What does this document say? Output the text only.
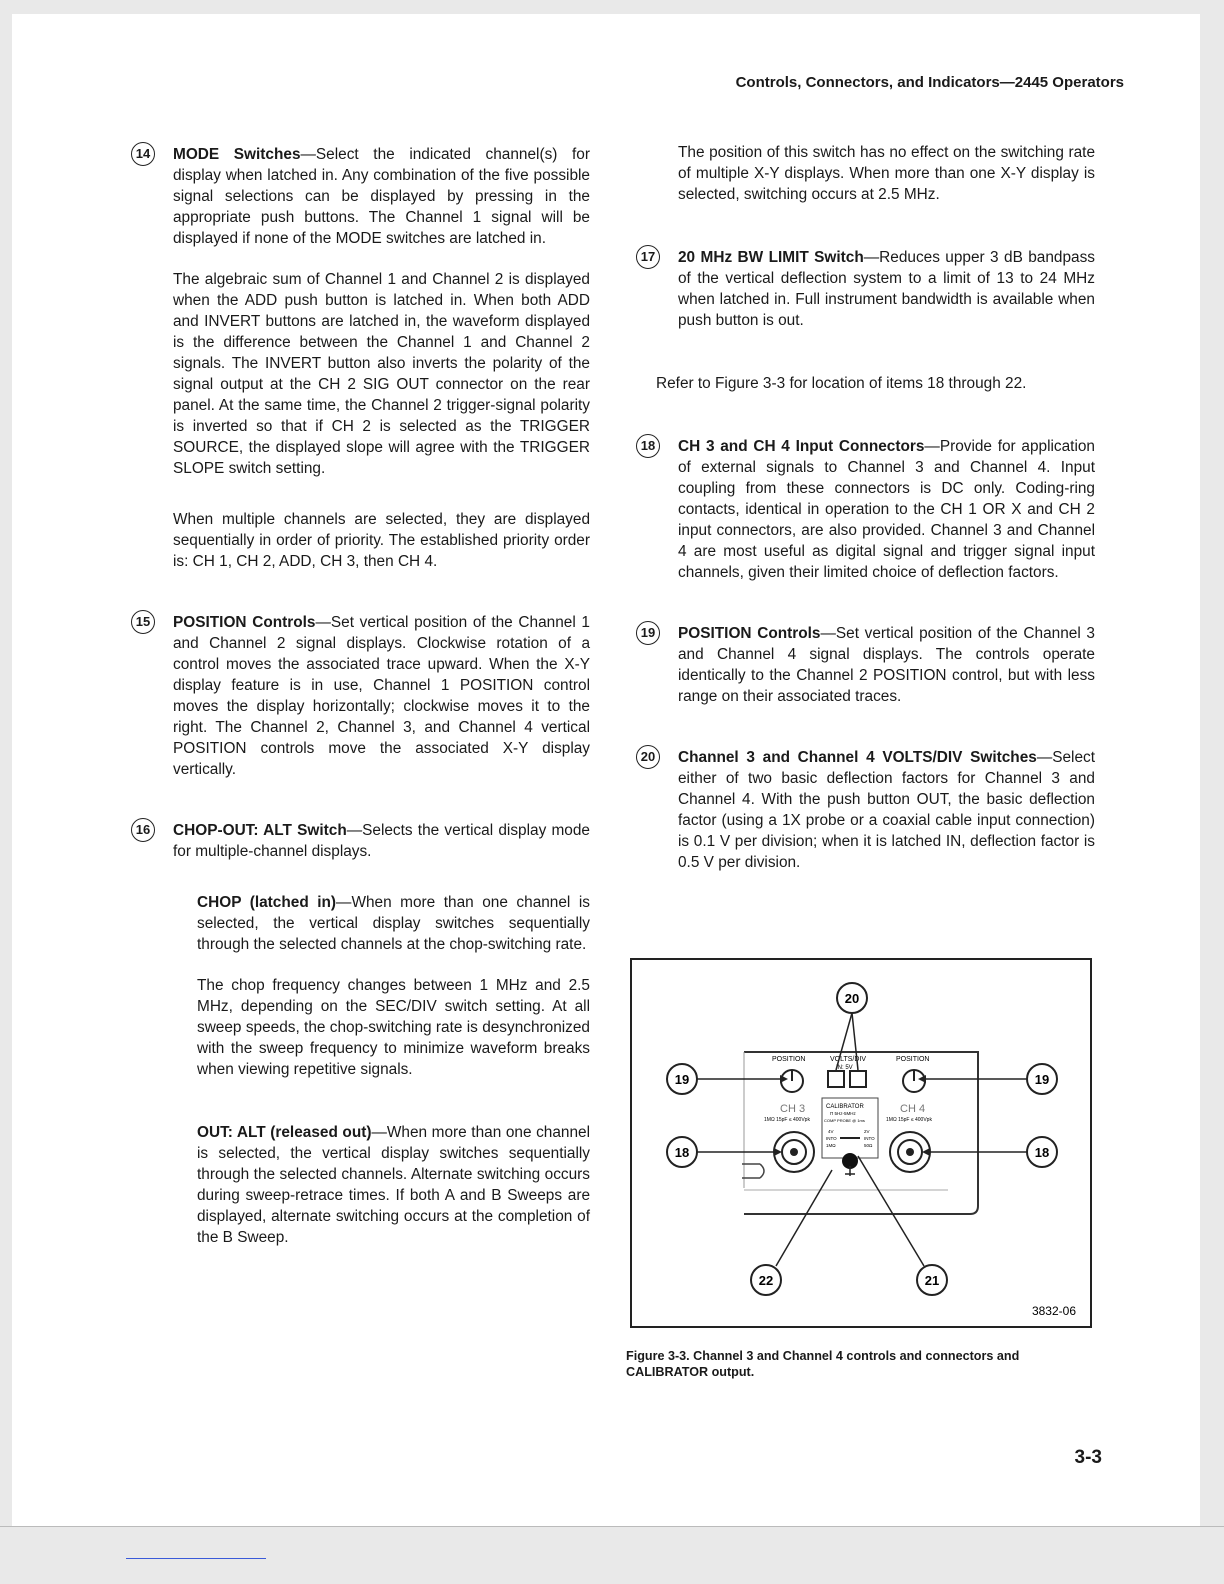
Controls, Connectors, and Indicators—2445 Operators
14	MODE Switches—Select the indicated channel(s) for display when latched in. Any combination of the five possible signal selections can be displayed by pressing in the appropriate push buttons. The Channel 1 signal will be displayed if none of the MODE switches are latched in.

The algebraic sum of Channel 1 and Channel 2 is displayed when the ADD push button is latched in. When both ADD and INVERT buttons are latched in, the waveform displayed is the difference between the Channel 1 and Channel 2 signals. The INVERT button also inverts the polarity of the signal output at the CH 2 SIG OUT connector on the rear panel. At the same time, the Channel 2 trigger-signal polarity is inverted so that if CH 2 is selected as the TRIGGER SOURCE, the displayed slope will agree with the TRIGGER SLOPE switch setting.

When multiple channels are selected, they are displayed sequentially in order of priority. The established priority order is: CH 1, CH 2, ADD, CH 3, then CH 4.

15	POSITION Controls—Set vertical position of the Channel 1 and Channel 2 signal displays. Clockwise rotation of a control moves the associated trace upward. When the X-Y display feature is in use, Channel 1 POSITION control moves the display horizontally; clockwise moves it to the right. The Channel 2, Channel 3, and Channel 4 vertical POSITION controls move the associated X-Y display vertically.

16	CHOP-OUT: ALT Switch—Selects the vertical display mode for multiple-channel displays.

CHOP (latched in)—When more than one channel is selected, the vertical display switches sequentially through the selected channels at the chop-switching rate.

The chop frequency changes between 1 MHz and 2.5 MHz, depending on the SEC/DIV switch setting. At all sweep speeds, the chop-switching rate is desynchronized with the sweep frequency to minimize waveform breaks when viewing repetitive signals.

OUT: ALT (released out)—When more than one channel is selected, the vertical display switches sequentially through the selected channels. Alternate switching occurs during sweep-retrace times. If both A and B Sweeps are displayed, alternate switching occurs at the completion of the B Sweep.

The position of this switch has no effect on the switching rate of multiple X-Y displays. When more than one X-Y display is selected, switching occurs at 2.5 MHz.

17	20 MHz BW LIMIT Switch—Reduces upper 3 dB bandpass of the vertical deflection system to a limit of 13 to 24 MHz when latched in. Full instrument bandwidth is available when push button is out.

Refer to Figure 3-3 for location of items 18 through 22.

18	CH 3 and CH 4 Input Connectors—Provide for application of external signals to Channel 3 and Channel 4. Input coupling from these connectors is DC only. Coding-ring contacts, identical in operation to the CH 1 OR X and CH 2 input connectors, are also provided. Channel 3 and Channel 4 are most useful as digital signal and trigger signal input channels, given their limited choice of deflection factors.

19	POSITION Controls—Set vertical position of the Channel 3 and Channel 4 signal displays. The controls operate identically to the Channel 2 POSITION control, but with less range on their associated traces.

20	Channel 3 and Channel 4 VOLTS/DIV Switches—Select either of two basic deflection factors for Channel 3 and Channel 4. With the push button OUT, the basic deflection factor (using a 1X probe or a coaxial cable input connection) is 0.1 V per division; when it is latched IN, deflection factor is 0.5 V per division.

POSITION	POSITION
VOLTS/DIV
IN: 5V
CH 3	CH 4
1MΩ 15pF ≤ 400Vpk	1MΩ 15pF ≤ 400Vpk
CALIBRATOR
Π 5Hz-5MHz
COMP PROBE @ 1ms
4V	2V
INTO	INTO
1MΩ	50Ω
20
19	19
18	18
22	21
3832-06
Figure 3-3. Channel 3 and Channel 4 controls and connectors and CALIBRATOR output.
3-3
